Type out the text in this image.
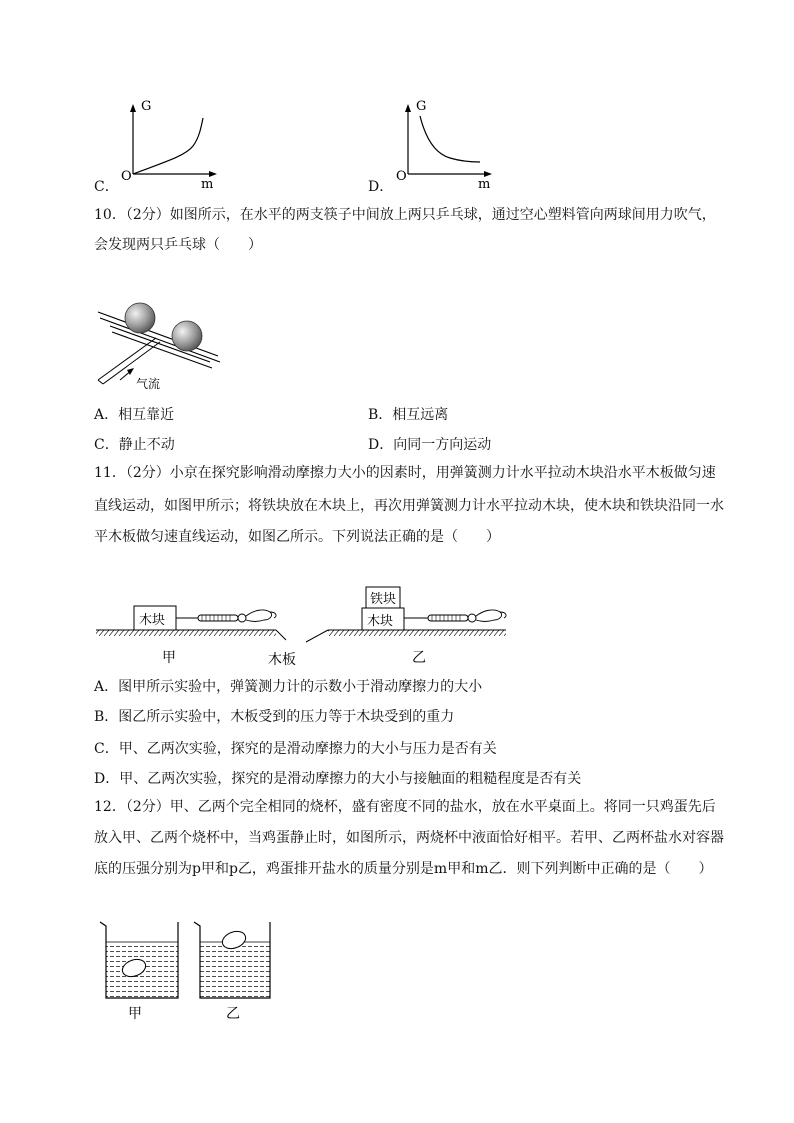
C．
G
O
m	D．
G
O
m
10．（2分）如图所示，在水平的两支筷子中间放上两只乒乓球，通过空心塑料管向两球间用力吹气，
会发现两只乒乓球（　　）
气流
A．相互靠近	B．相互远离
C．静止不动	D．向同一方向运动
11．（2分）小京在探究影响滑动摩擦力大小的因素时，用弹簧测力计水平拉动木块沿水平木板做匀速
直线运动，如图甲所示；将铁块放在木块上，再次用弹簧测力计水平拉动木块，使木块和铁块沿同一水
平木板做匀速直线运动，如图乙所示。下列说法正确的是（　　）
木块
甲	木板
木块
铁块
乙
A．图甲所示实验中，弹簧测力计的示数小于滑动摩擦力的大小
B．图乙所示实验中，木板受到的压力等于木块受到的重力
C．甲、乙两次实验，探究的是滑动摩擦力的大小与压力是否有关
D．甲、乙两次实验，探究的是滑动摩擦力的大小与接触面的粗糙程度是否有关
12．（2分）甲、乙两个完全相同的烧杯，盛有密度不同的盐水，放在水平桌面上。将同一只鸡蛋先后
放入甲、乙两个烧杯中，当鸡蛋静止时，如图所示，两烧杯中液面恰好相平。若甲、乙两杯盐水对容器
底的压强分别为p甲和p乙，鸡蛋排开盐水的质量分别是m甲和m乙．则下列判断中正确的是（　　）
甲	乙
